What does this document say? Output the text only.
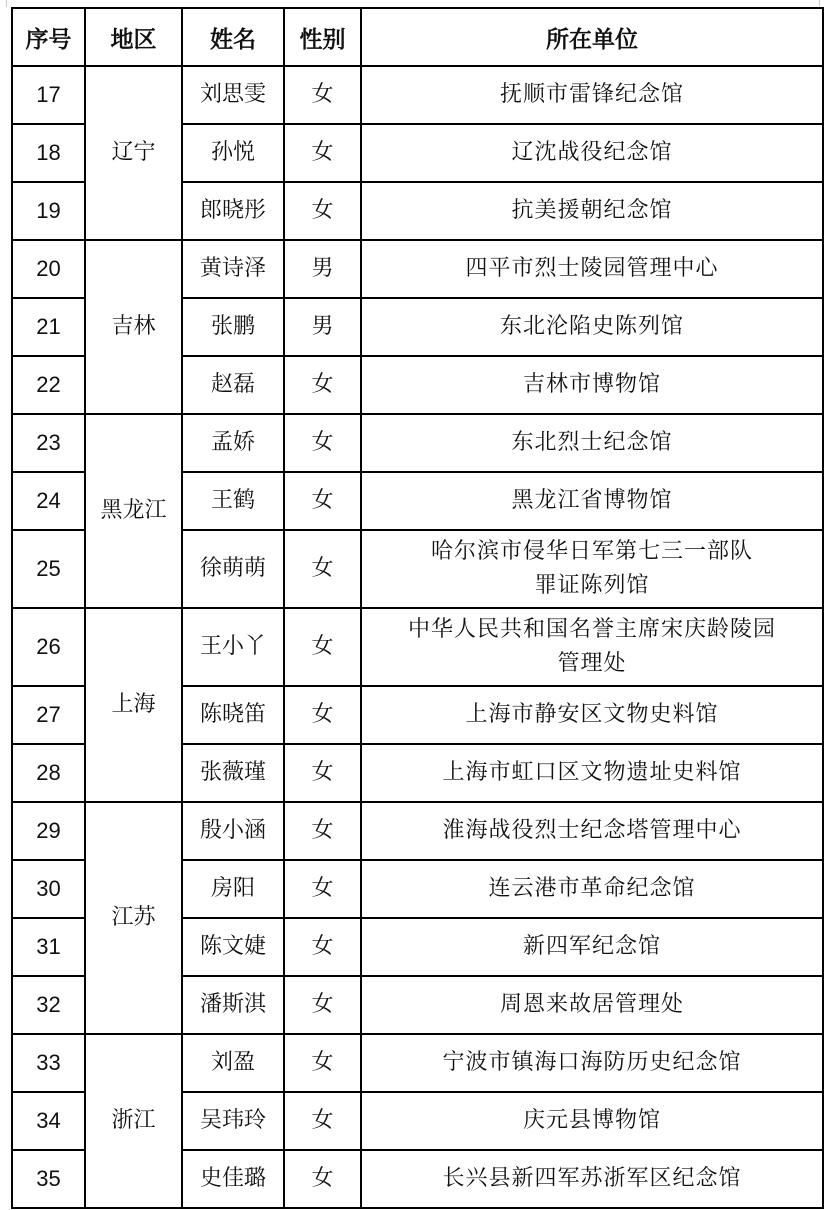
序号	地区	姓名	性别	所在单位
17	辽宁	刘思雯	女	抚顺市雷锋纪念馆

18		孙悦	女	辽沈战役纪念馆

19		郎晓彤	女	抗美援朝纪念馆

20	吉林	黄诗泽	男	四平市烈士陵园管理中心

21		张鹏	男	东北沦陷史陈列馆

22		赵磊	女	吉林市博物馆

23	黑龙江	孟娇	女	东北烈士纪念馆

24		王鹤	女	黑龙江省博物馆

25		徐萌萌	女	哈尔滨市侵华日军第七三一部队
罪证陈列馆

26	上海	王小丫	女	中华人民共和国名誉主席宋庆龄陵园
管理处

27		陈晓笛	女	上海市静安区文物史料馆

28		张薇瑾	女	上海市虹口区文物遗址史料馆

29	江苏	殷小涵	女	淮海战役烈士纪念塔管理中心

30		房阳	女	连云港市革命纪念馆

31		陈文婕	女	新四军纪念馆

32		潘斯淇	女	周恩来故居管理处

33	浙江	刘盈	女	宁波市镇海口海防历史纪念馆

34		吴玮玲	女	庆元县博物馆

35		史佳璐	女	长兴县新四军苏浙军区纪念馆
